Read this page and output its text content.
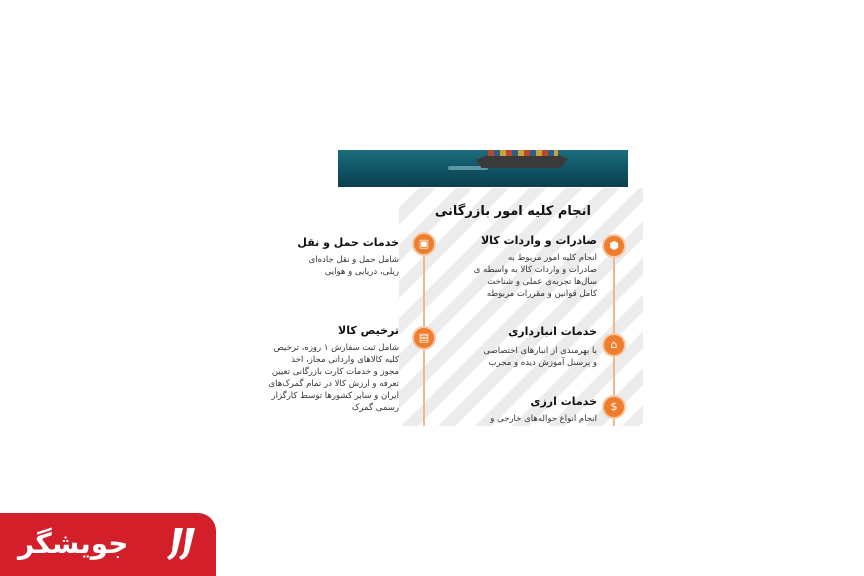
انجام کلیه امور بازرگانی
⬢
صادرات و واردات کالا
انجام کلیه امور مربوط به
صادرات و واردات کالا به واسطه ی
سال‌ها تجربه‌ی عملی و شناخت
کامل قوانین و مقررات مربوطه
⌂
خدمات انبارداری
با بهرمندی از انبارهای اختصاصی
و پرسنل آموزش دیده و مجرب
$
خدمات ارزی
انجام انواع حواله‌های خارجی و
▣
خدمات حمل و نقل
شامل حمل و نقل جاده‌ای
ریلی، دریایی و هوایی
▤
ترخیص کالا
شامل ثبت سفارش ۱ روزه، ترخیص
کلیه کالاهای وارداتی مجاز، اخذ
مجوز و خدمات کارت بازرگانی تعیین
تعرفه و ارزش کالا در تمام گمرک‌های
ایران و سایر کشورها توسط کارگزار
رسمی گمرک
جویشگر
